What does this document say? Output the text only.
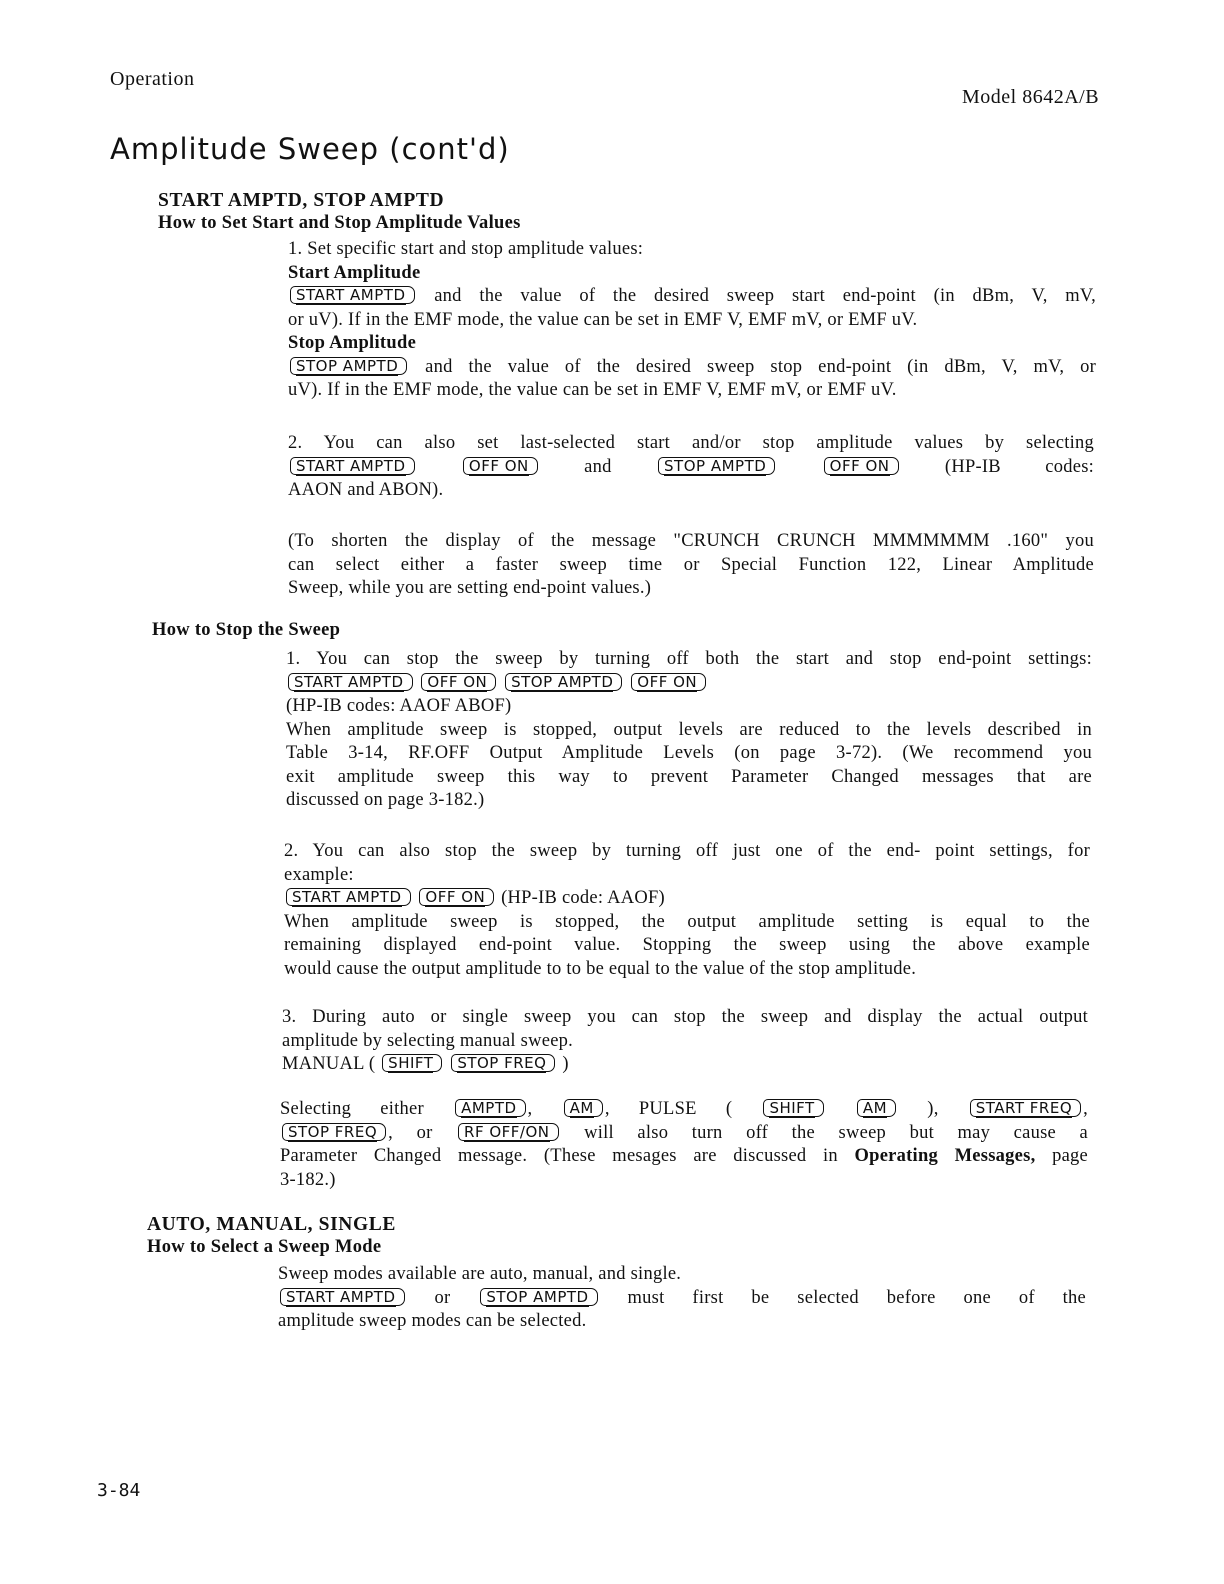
Operation
Model 8642A/B
Amplitude Sweep (cont'd)
START AMPTD, STOP AMPTD
How to Set Start and Stop Amplitude Values
1. Set specific start and stop amplitude values:
Start Amplitude
START AMPTD and the value of the desired sweep start end-point (in dBm, V, mV,
or uV). If in the EMF mode, the value can be set in EMF V, EMF mV, or EMF uV.
Stop Amplitude
STOP AMPTD and the value of the desired sweep stop end-point (in dBm, V, mV, or
uV). If in the EMF mode, the value can be set in EMF V, EMF mV, or EMF uV.
2. You can also set last-selected start and/or stop amplitude values by selecting
START AMPTD	OFF ON	and	STOP AMPTD	OFF ON	(HP-IB codes:
AAON and ABON).
(To shorten the display of the message "CRUNCH CRUNCH MMMMMMM .160" you
can select either a faster sweep time or Special Function 122, Linear Amplitude
Sweep, while you are setting end-point values.)
How to Stop the Sweep
1. You can stop the sweep by turning off both the start and stop end-point settings:
START AMPTD OFF ON STOP AMPTD OFF ON
(HP-IB codes: AAOF ABOF)
When amplitude sweep is stopped, output levels are reduced to the levels described in
Table 3-14, RF.OFF Output Amplitude Levels (on page 3-72). (We recommend you
exit amplitude sweep this way to prevent Parameter Changed messages that are
discussed on page 3-182.)
2. You can also stop the sweep by turning off just one of the end- point settings, for
example:
START AMPTD OFF ON (HP-IB code: AAOF)
When amplitude sweep is stopped, the output amplitude setting is equal to the
remaining displayed end-point value. Stopping the sweep using the above example
would cause the output amplitude to to be equal to the value of the stop amplitude.
3. During auto or single sweep you can stop the sweep and display the actual output
amplitude by selecting manual sweep.
MANUAL ( SHIFT STOP FREQ )
Selecting either AMPTD , AM , PULSE ( SHIFT	AM ), START FREQ ,
STOP FREQ , or RF OFF/ON will also turn off the sweep but may cause a
Parameter Changed message. (These mesages are discussed in Operating Messages, page
3-182.)
AUTO, MANUAL, SINGLE
How to Select a Sweep Mode
Sweep modes available are auto, manual, and single.
START AMPTD or STOP AMPTD must first be selected before one of the
amplitude sweep modes can be selected.
3-84
